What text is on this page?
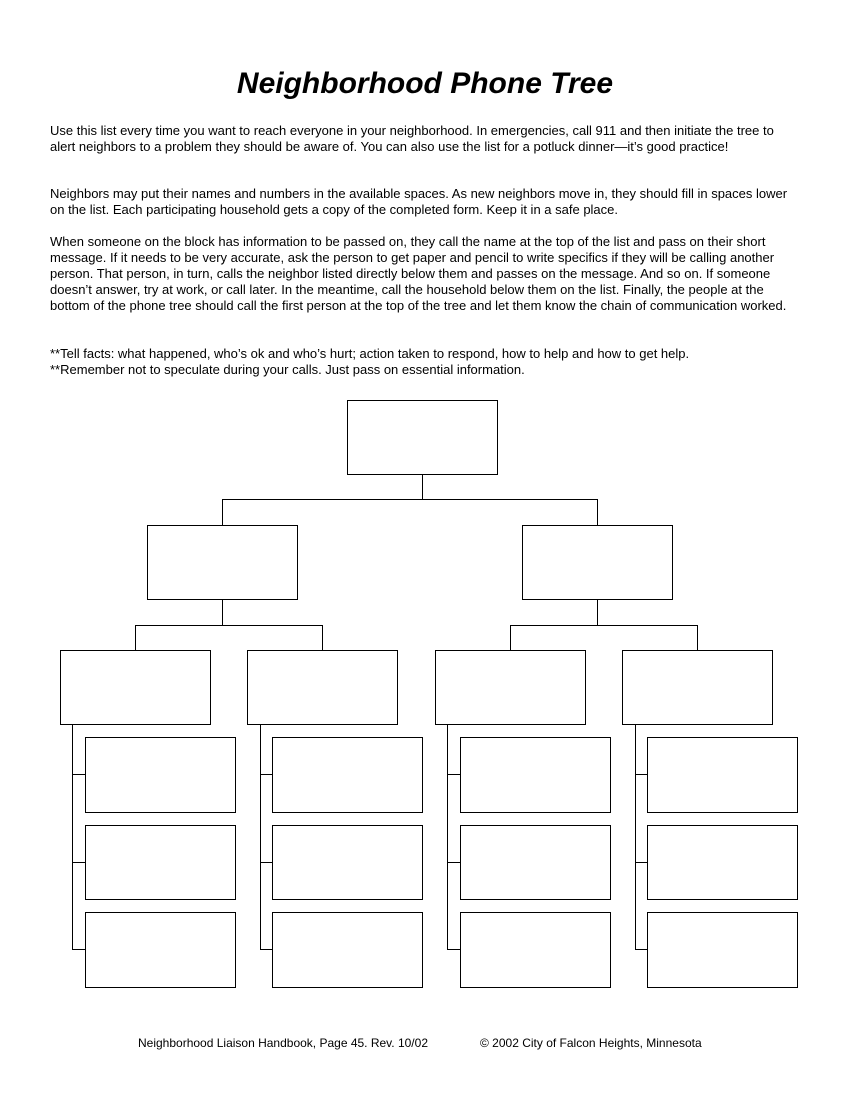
Neighborhood Phone Tree
Use this list every time you want to reach everyone in your neighborhood. In emergencies, call 911 and then initiate the tree to alert neighbors to a problem they should be aware of. You can also use the list for a potluck dinner—it’s good practice!
Neighbors may put their names and numbers in the available spaces. As new neighbors move in, they should fill in spaces lower on the list. Each participating household gets a copy of the completed form. Keep it in a safe place.
When someone on the block has information to be passed on, they call the name at the top of the list and pass on their short message. If it needs to be very accurate, ask the person to get paper and pencil to write specifics if they will be calling another person. That person, in turn, calls the neighbor listed directly below them and passes on the message. And so on. If someone doesn’t answer, try at work, or call later. In the meantime, call the household below them on the list. Finally, the people at the bottom of the phone tree should call the first person at the top of the tree and let them know the chain of communication worked.
**Tell facts: what happened, who’s ok and who’s hurt; action taken to respond, how to help and how to get help.
**Remember not to speculate during your calls. Just pass on essential information.
Neighborhood Liaison Handbook, Page 45. Rev. 10/02	© 2002 City of Falcon Heights, Minnesota
